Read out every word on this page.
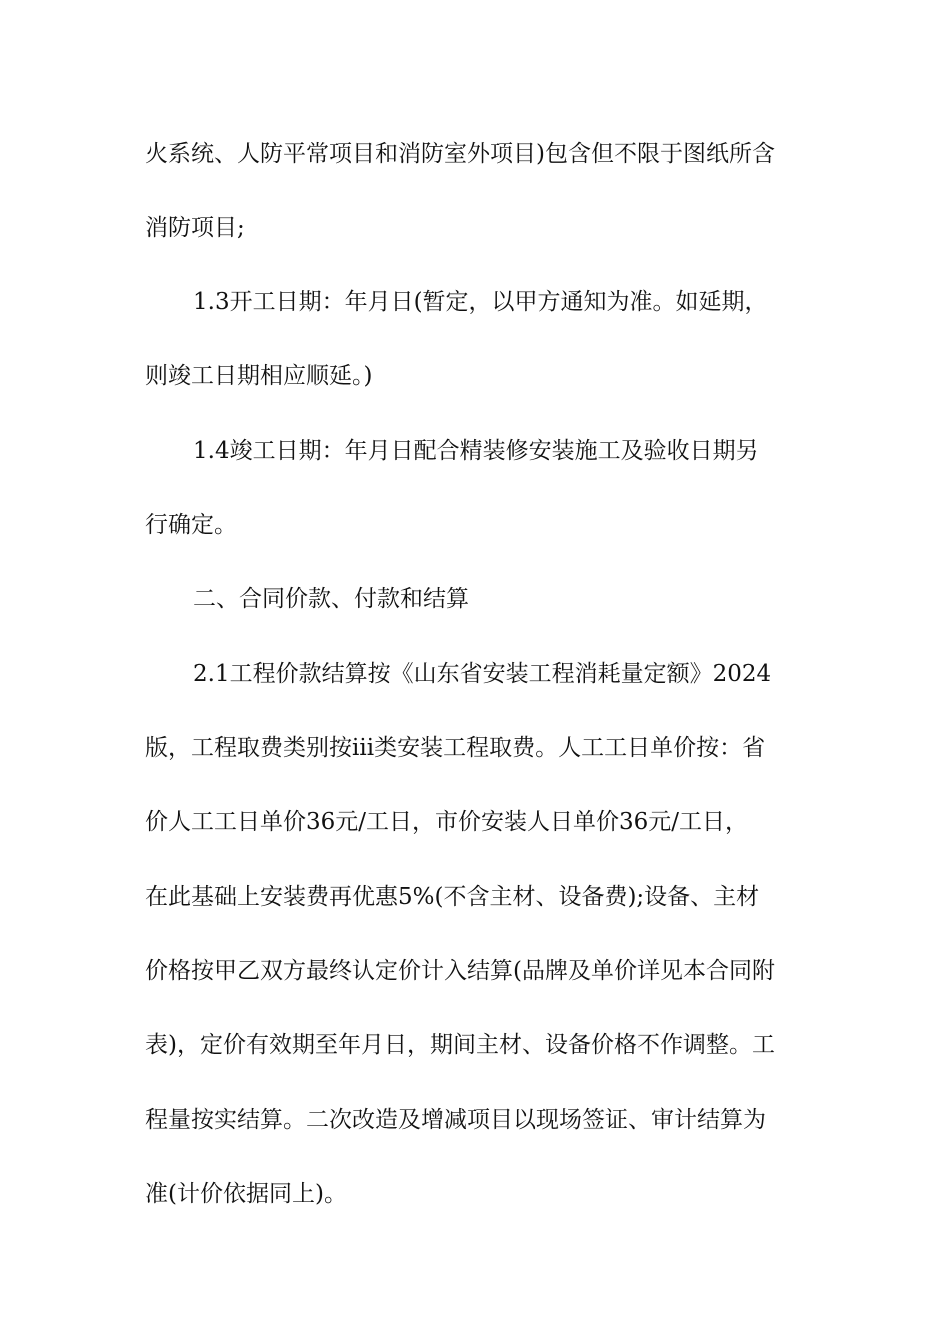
火系统、人防平常项目和消防室外项目)包含但不限于图纸所含
消防项目;
1.3开工日期：年月日(暂定，以甲方通知为准。如延期，
则竣工日期相应顺延。)
1.4竣工日期：年月日配合精装修安装施工及验收日期另
行确定。
二、合同价款、付款和结算
2.1工程价款结算按《山东省安装工程消耗量定额》2024
版，工程取费类别按iii类安装工程取费。人工工日单价按：省
价人工工日单价36元/工日，市价安装人日单价36元/工日，
在此基础上安装费再优惠5%(不含主材、设备费);设备、主材
价格按甲乙双方最终认定价计入结算(品牌及单价详见本合同附
表)，定价有效期至年月日，期间主材、设备价格不作调整。工
程量按实结算。二次改造及增减项目以现场签证、审计结算为
准(计价依据同上)。
